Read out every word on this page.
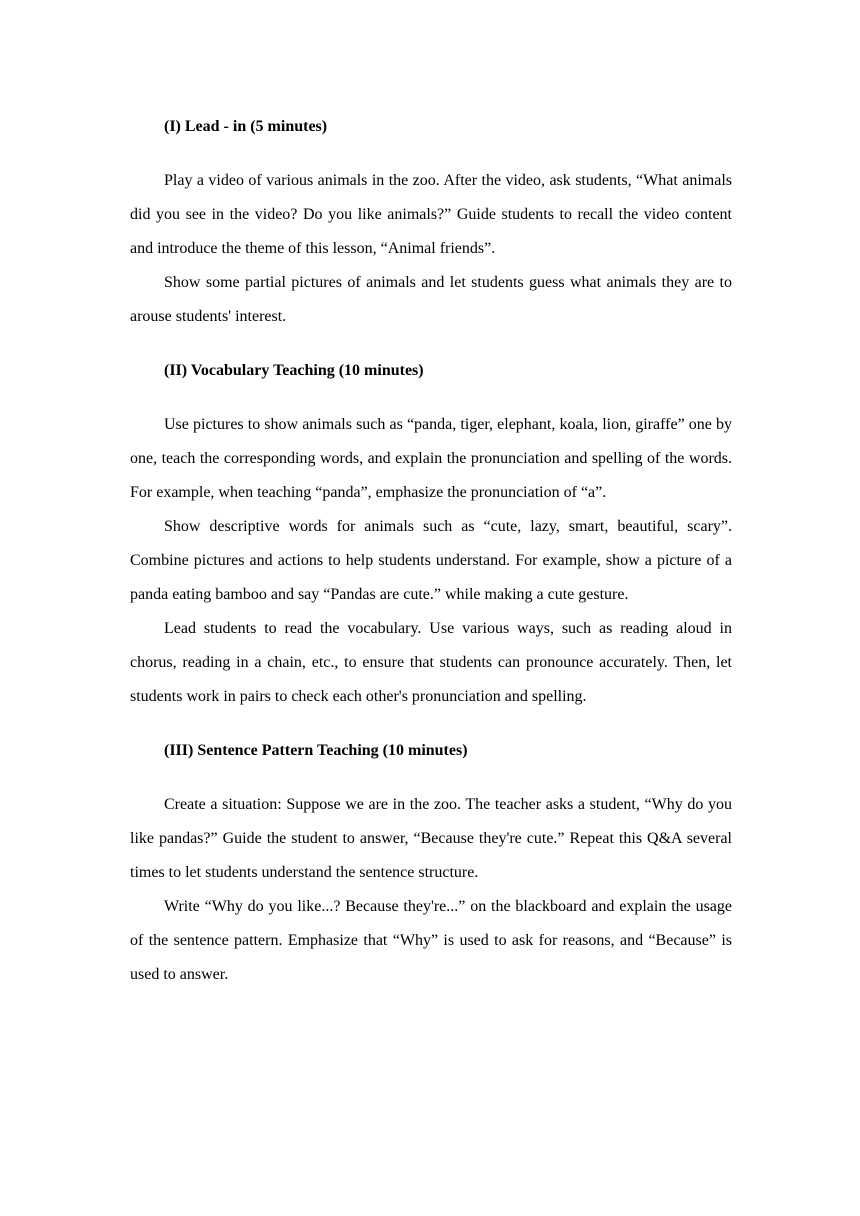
(I) Lead - in (5 minutes)

Play a video of various animals in the zoo. After the video, ask students, “What animals did you see in the video? Do you like animals?” Guide students to recall the video content and introduce the theme of this lesson, “Animal friends”.

Show some partial pictures of animals and let students guess what animals they are to arouse students' interest.

(II) Vocabulary Teaching (10 minutes)

Use pictures to show animals such as “panda, tiger, elephant, koala, lion, giraffe” one by one, teach the corresponding words, and explain the pronunciation and spelling of the words. For example, when teaching “panda”, emphasize the pronunciation of “a”.

Show descriptive words for animals such as “cute, lazy, smart, beautiful, scary”. Combine pictures and actions to help students understand. For example, show a picture of a panda eating bamboo and say “Pandas are cute.” while making a cute gesture.

Lead students to read the vocabulary. Use various ways, such as reading aloud in chorus, reading in a chain, etc., to ensure that students can pronounce accurately. Then, let students work in pairs to check each other's pronunciation and spelling.

(III) Sentence Pattern Teaching (10 minutes)

Create a situation: Suppose we are in the zoo. The teacher asks a student, “Why do you like pandas?” Guide the student to answer, “Because they're cute.” Repeat this Q&A several times to let students understand the sentence structure.

Write “Why do you like...? Because they're...” on the blackboard and explain the usage of the sentence pattern. Emphasize that “Why” is used to ask for reasons, and “Because” is used to answer.
